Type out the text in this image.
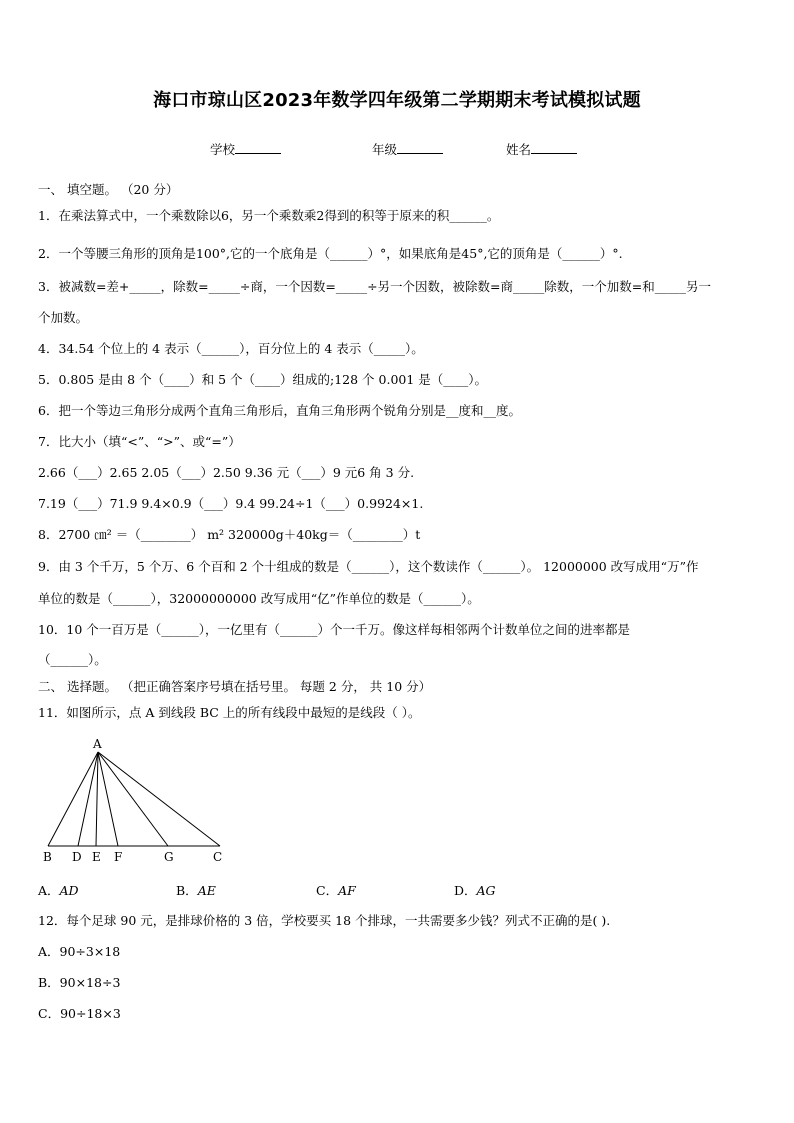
海口市琼山区2023年数学四年级第二学期期末考试模拟试题
学校	年级	姓名
一、 填空题。 （20 分）
1．在乘法算式中，一个乘数除以6，另一个乘数乘2得到的积等于原来的积______。
2．一个等腰三角形的顶角是100°,它的一个底角是（______）°，如果底角是45°,它的顶角是（______）°.
3．被减数=差+_____，除数=_____÷商，一个因数=_____÷另一个因数，被除数=商_____除数，一个加数=和_____另一
个加数。
4．34.54 个位上的 4 表示（______），百分位上的 4 表示（_____）。
5．0.805 是由 8 个（____）和 5 个（____）组成的;128 个 0.001 是（____）。
6．把一个等边三角形分成两个直角三角形后，直角三角形两个锐角分别是__度和__度。
7．比大小（填“<”、“>”、或“=”）
2.66（___）2.65 2.05（___）2.50 9.36 元（___）9 元6 角 3 分.
7.19（___）71.9 9.4×0.9（___）9.4 99.24÷1（___）0.9924×1.
8．2700 ㎝² ＝（________） m² 320000g＋40kg＝（________）t
9．由 3 个千万，5 个万、6 个百和 2 个十组成的数是（______），这个数读作（______）。 12000000 改写成用“万”作
单位的数是（______），32000000000 改写成用“亿”作单位的数是（______）。
10．10 个一百万是（______），一亿里有（______）个一千万。像这样每相邻两个计数单位之间的进率都是
（______）。
二、 选择题。 （把正确答案序号填在括号里。 每题 2 分， 共 10 分）
11．如图所示，点 A 到线段 BC 上的所有线段中最短的是线段（ ）。
A
B D E F	G	C
A．AD	B．AE	C．AF	D．AG
12．每个足球 90 元，是排球价格的 3 倍，学校要买 18 个排球，一共需要多少钱？列式不正确的是( ).
A．90÷3×18
B．90×18÷3
C．90÷18×3
